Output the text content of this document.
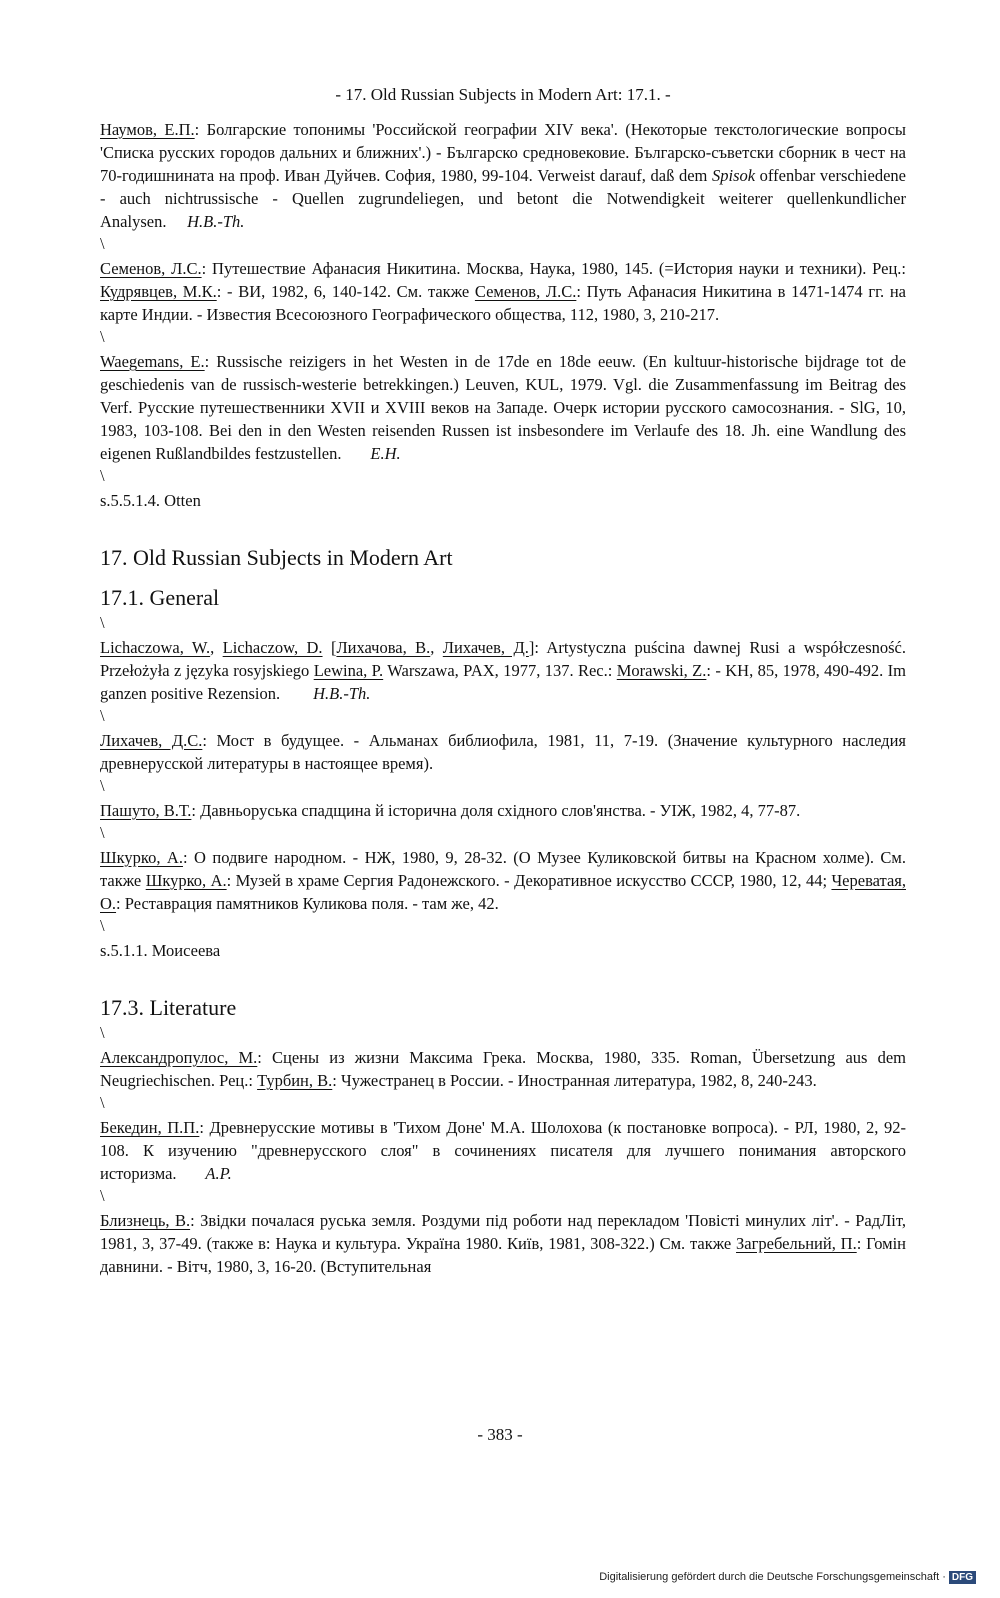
- 17. Old Russian Subjects in Modern Art: 17.1. -

Наумов, Е.П.: Болгарские топонимы 'Российской географии XIV века'. (Некоторые текстологические вопросы 'Списка русских городов дальних и ближних'.) - Българско средновековие. Българско-съветски сборник в чест на 70-годишнината на проф. Иван Дуйчев. София, 1980, 99-104. Verweist darauf, daß dem Spisok offenbar verschiedene - auch nichtrussische - Quellen zugrundeliegen, und betont die Notwendigkeit weiterer quellenkundlicher Analysen. H.B.-Th.

\

Семенов, Л.С.: Путешествие Афанасия Никитина. Москва, Наука, 1980, 145. (=История науки и техники). Рец.: Кудрявцев, М.К.: - ВИ, 1982, 6, 140-142. См. также Семенов, Л.С.: Путь Афанасия Никитина в 1471-1474 гг. на карте Индии. - Известия Всесоюзного Географического общества, 112, 1980, 3, 210-217.

\

Waegemans, E.: Russische reizigers in het Westen in de 17de en 18de eeuw. (En kultuur-historische bijdrage tot de geschiedenis van de russisch-westerie betrekkingen.) Leuven, KUL, 1979. Vgl. die Zusammenfassung im Beitrag des Verf. Русские путешественники XVII и XVIII веков на Западе. Очерк истории русского самосознания. - SlG, 10, 1983, 103-108. Bei den in den Westen reisenden Russen ist insbesondere im Verlaufe des 18. Jh. eine Wandlung des eigenen Rußlandbildes festzustellen. E.H.

\
s.5.5.1.4. Otten
17. Old Russian Subjects in Modern Art
17.1. General
\

Lichaczowa, W., Lichaczow, D. [Лихачова, В., Лихачев, Д.]: Artystyczna puścina dawnej Rusi a współczesność. Przełożyła z języka rosyjskiego Lewina, P. Warszawa, PAX, 1977, 137. Rec.: Morawski, Z.: - KH, 85, 1978, 490-492. Im ganzen positive Rezension. H.B.-Th.

\

Лихачев, Д.С.: Мост в будущее. - Альманах библиофила, 1981, 11, 7-19. (Значение культурного наследия древнерусской литературы в настоящее время).

\

Пашуто, В.Т.: Давньоруська спадщина й історична доля східного слов'янства. - УІЖ, 1982, 4, 77-87.

\

Шкурко, А.: О подвиге народном. - НЖ, 1980, 9, 28-32. (О Музее Куликовской битвы на Красном холме). См. также Шкурко, А.: Музей в храме Сергия Радонежского. - Декоративное искусство СССР, 1980, 12, 44; Череватая, О.: Реставрация памятников Куликова поля. - там же, 42.

\
s.5.1.1. Моисеева
17.3. Literature
\

Александропулос, М.: Сцены из жизни Максима Грека. Москва, 1980, 335. Roman, Übersetzung aus dem Neugriechischen. Рец.: Турбин, В.: Чужестранец в России. - Иностранная литература, 1982, 8, 240-243.

\

Бекедин, П.П.: Древнерусские мотивы в 'Тихом Доне' М.А. Шолохова (к постановке вопроса). - РЛ, 1980, 2, 92-108. К изучению "древнерусского слоя" в сочинениях писателя для лучшего понимания авторского историзма. A.P.

\

Близнець, В.: Звідки почалася руська земля. Роздуми під роботи над перекладом 'Повісті минулих літ'. - РадЛіт, 1981, 3, 37-49. (также в: Наука и культура. Україна 1980. Київ, 1981, 308-322.) См. также Загребельний, П.: Гомін давнини. - Вітч, 1980, 3, 16-20. (Вступительная

- 383 -
Digitalisierung gefördert durch die Deutsche Forschungsgemeinschaft · DFG
